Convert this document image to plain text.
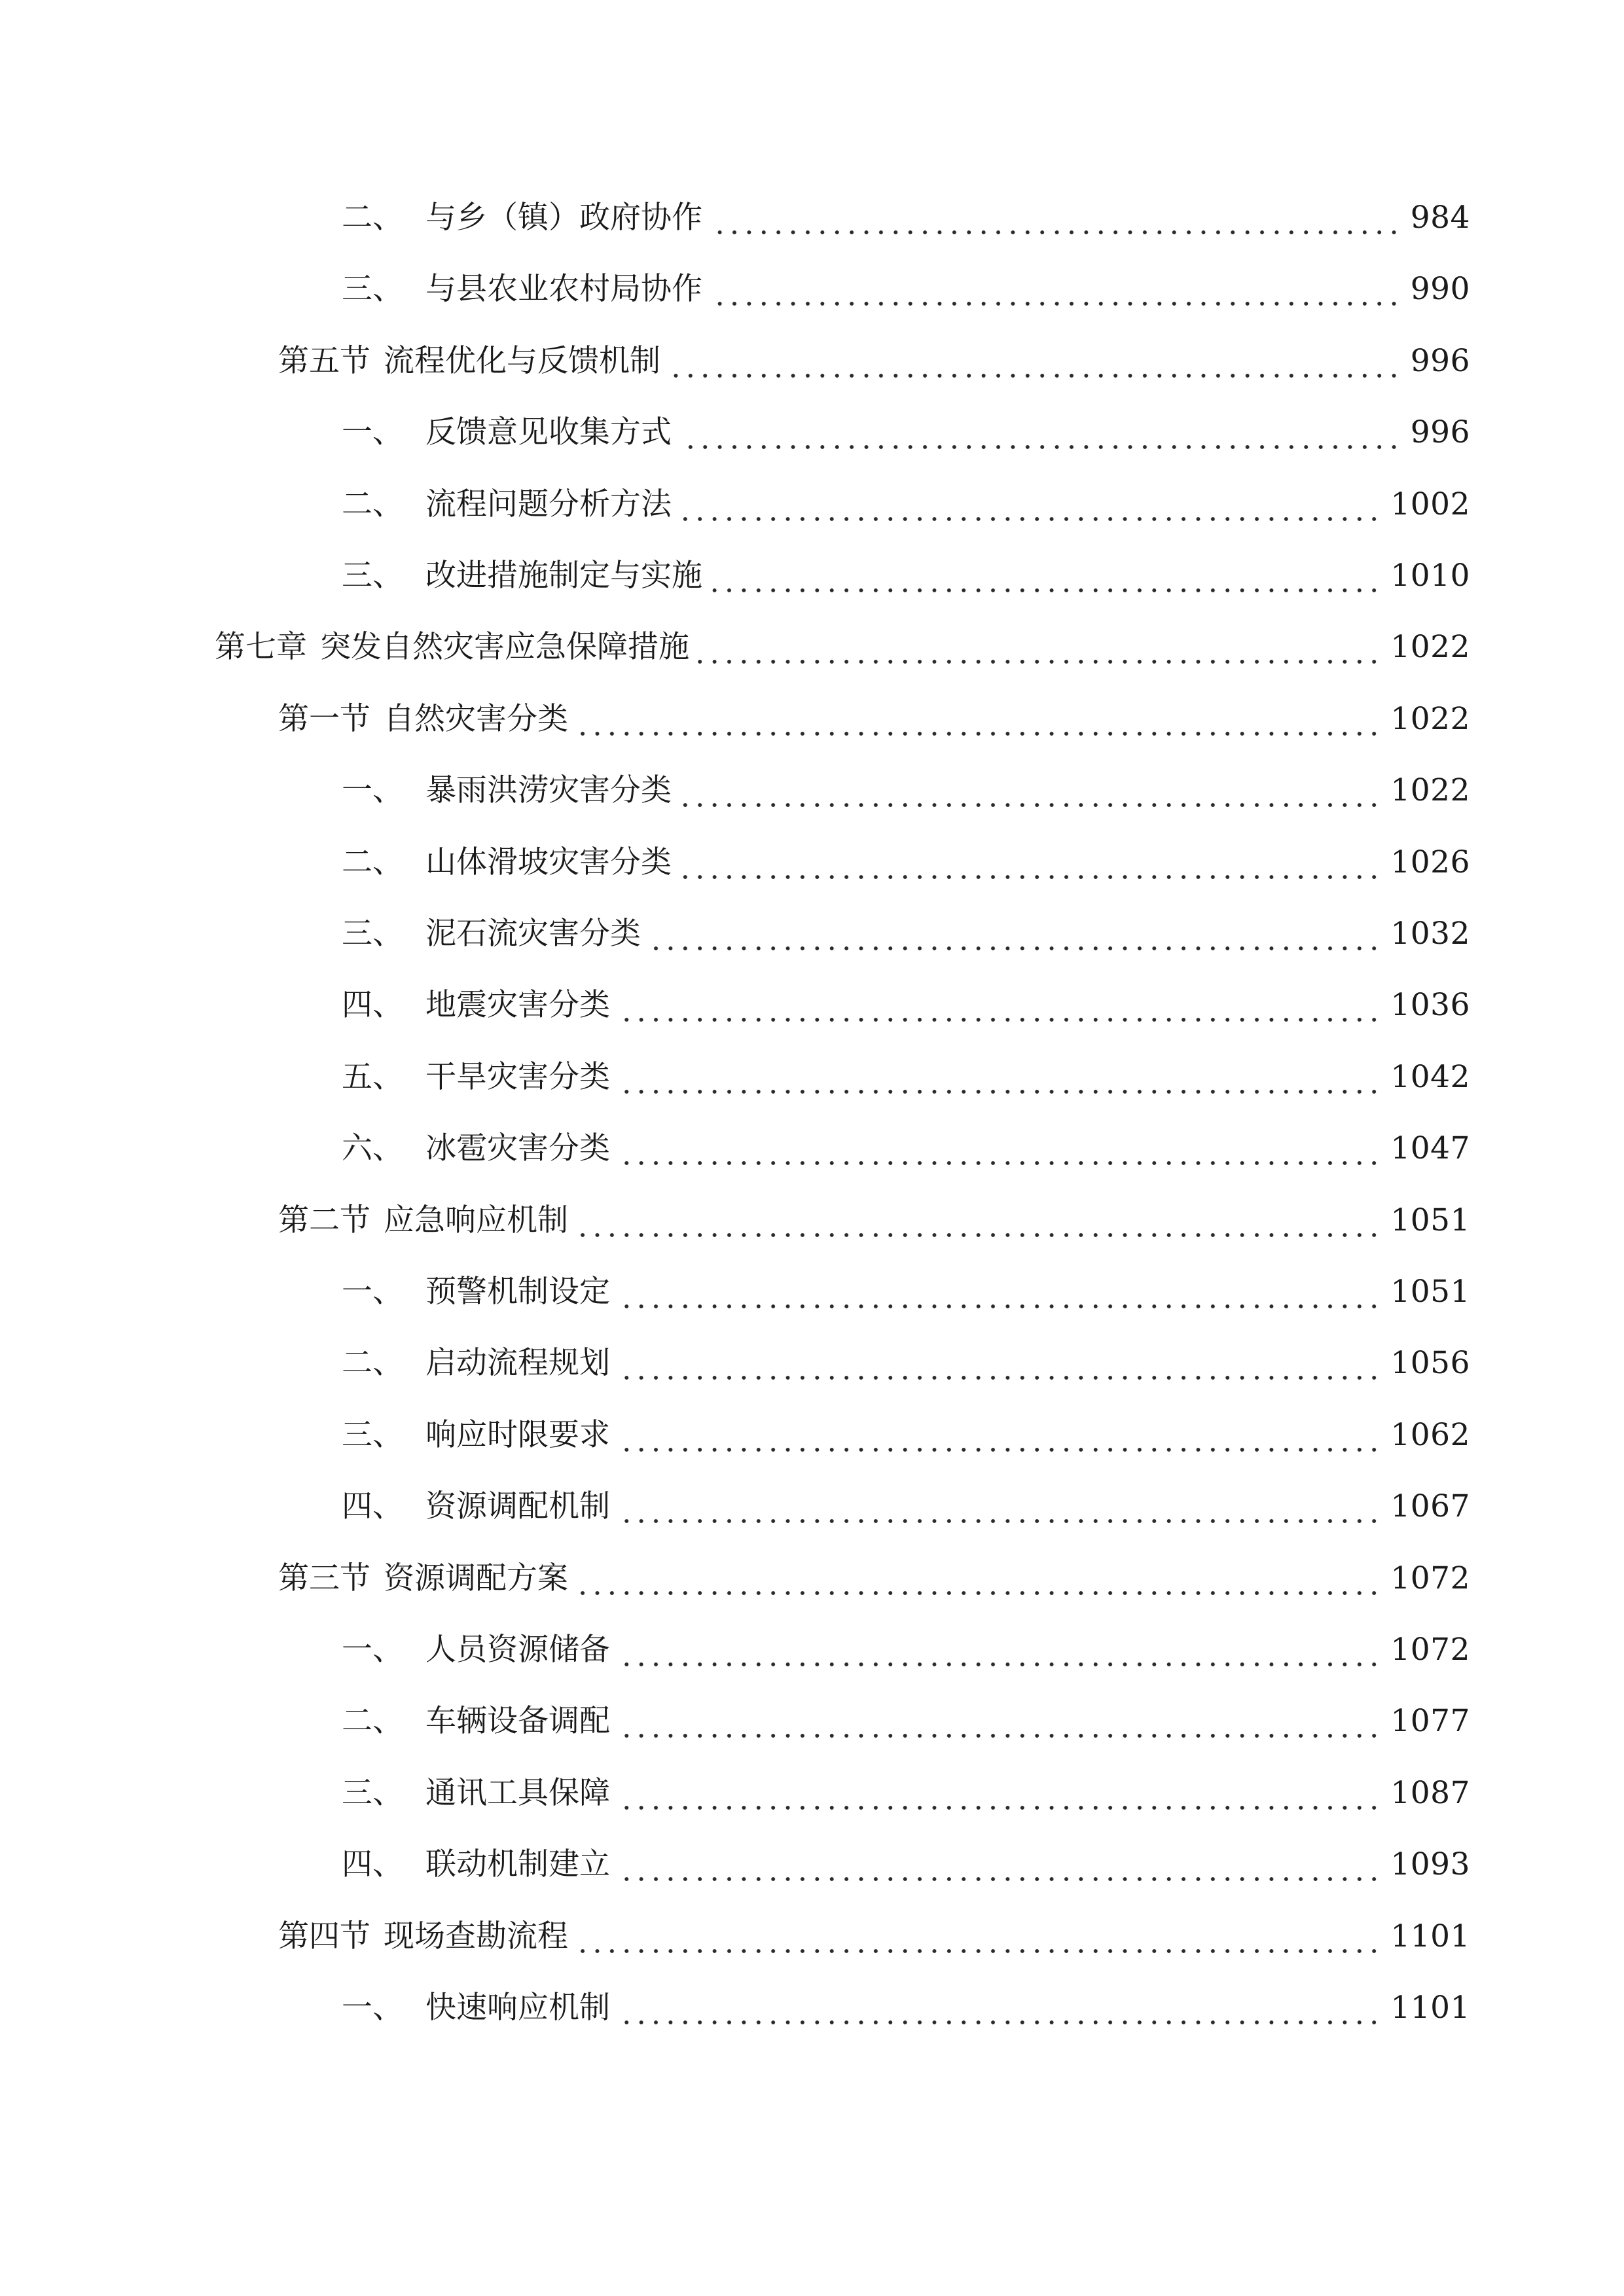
二、 与乡（镇）政府协作	984
三、 与县农业农村局协作	990
第五节 流程优化与反馈机制	996
一、 反馈意见收集方式	996
二、 流程问题分析方法	1002
三、 改进措施制定与实施	1010
第七章 突发自然灾害应急保障措施	1022
第一节 自然灾害分类	1022
一、 暴雨洪涝灾害分类	1022
二、 山体滑坡灾害分类	1026
三、 泥石流灾害分类	1032
四、 地震灾害分类	1036
五、 干旱灾害分类	1042
六、 冰雹灾害分类	1047
第二节 应急响应机制	1051
一、 预警机制设定	1051
二、 启动流程规划	1056
三、 响应时限要求	1062
四、 资源调配机制	1067
第三节 资源调配方案	1072
一、 人员资源储备	1072
二、 车辆设备调配	1077
三、 通讯工具保障	1087
四、 联动机制建立	1093
第四节 现场查勘流程	1101
一、 快速响应机制	1101
